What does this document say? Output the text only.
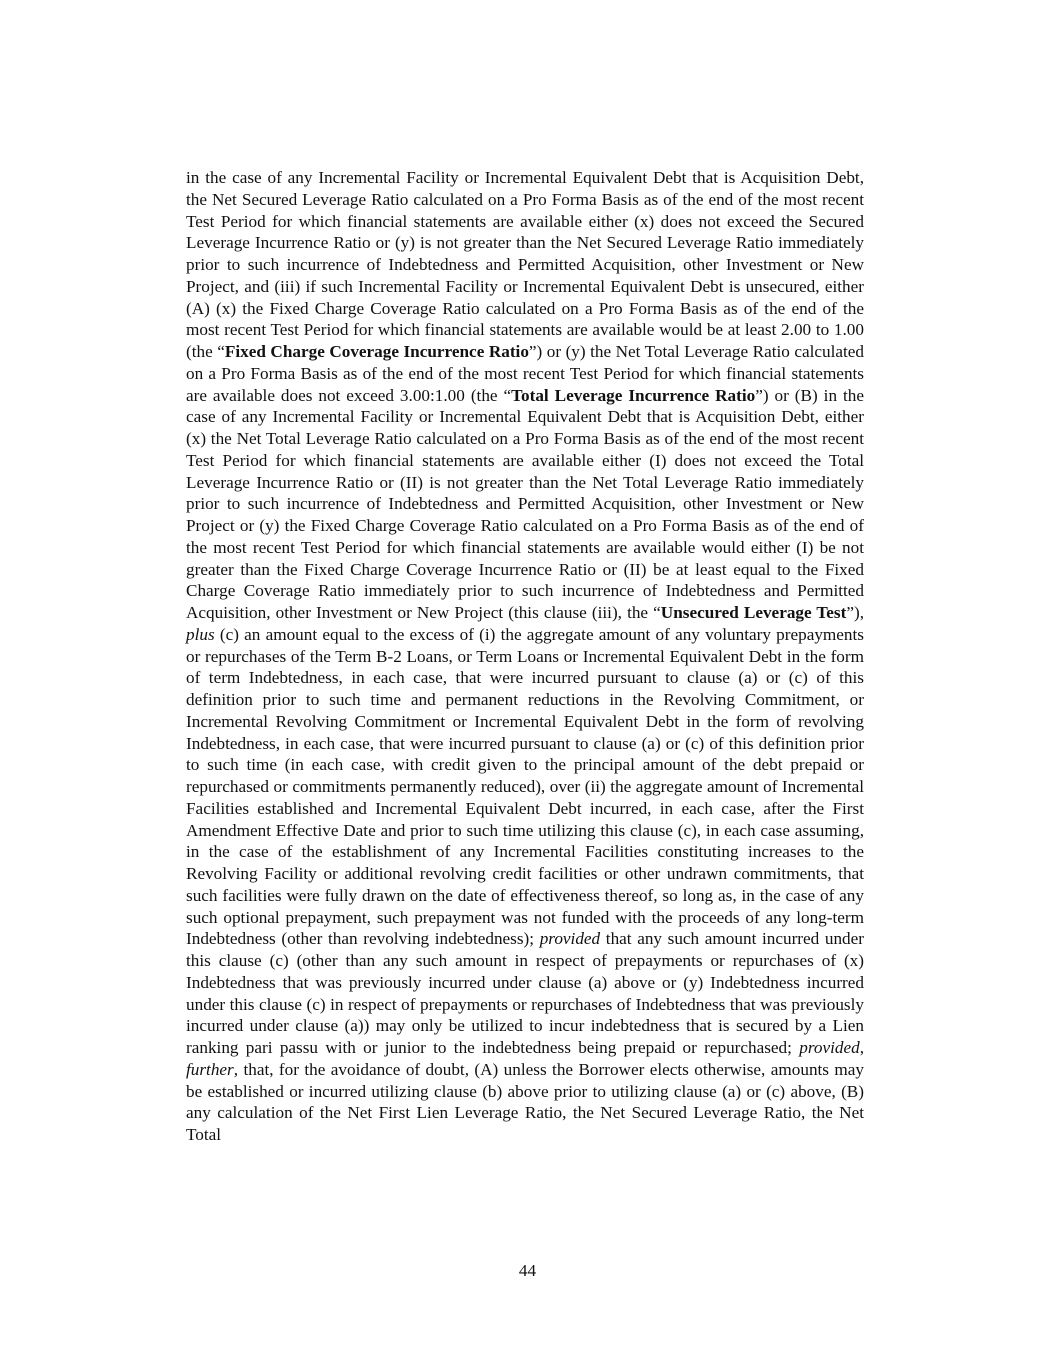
in the case of any Incremental Facility or Incremental Equivalent Debt that is Acquisition Debt, the Net Secured Leverage Ratio calculated on a Pro Forma Basis as of the end of the most recent Test Period for which financial statements are available either (x) does not exceed the Secured Leverage Incurrence Ratio or (y) is not greater than the Net Secured Leverage Ratio immediately prior to such incurrence of Indebtedness and Permitted Acquisition, other Investment or New Project, and (iii) if such Incremental Facility or Incremental Equivalent Debt is unsecured, either (A) (x) the Fixed Charge Coverage Ratio calculated on a Pro Forma Basis as of the end of the most recent Test Period for which financial statements are available would be at least 2.00 to 1.00 (the “Fixed Charge Coverage Incurrence Ratio”) or (y) the Net Total Leverage Ratio calculated on a Pro Forma Basis as of the end of the most recent Test Period for which financial statements are available does not exceed 3.00:1.00 (the “Total Leverage Incurrence Ratio”) or (B) in the case of any Incremental Facility or Incremental Equivalent Debt that is Acquisition Debt, either (x) the Net Total Leverage Ratio calculated on a Pro Forma Basis as of the end of the most recent Test Period for which financial statements are available either (I) does not exceed the Total Leverage Incurrence Ratio or (II) is not greater than the Net Total Leverage Ratio immediately prior to such incurrence of Indebtedness and Permitted Acquisition, other Investment or New Project or (y) the Fixed Charge Coverage Ratio calculated on a Pro Forma Basis as of the end of the most recent Test Period for which financial statements are available would either (I) be not greater than the Fixed Charge Coverage Incurrence Ratio or (II) be at least equal to the Fixed Charge Coverage Ratio immediately prior to such incurrence of Indebtedness and Permitted Acquisition, other Investment or New Project (this clause (iii), the “Unsecured Leverage Test”), plus (c) an amount equal to the excess of (i) the aggregate amount of any voluntary prepayments or repurchases of the Term B-2 Loans, or Term Loans or Incremental Equivalent Debt in the form of term Indebtedness, in each case, that were incurred pursuant to clause (a) or (c) of this definition prior to such time and permanent reductions in the Revolving Commitment, or Incremental Revolving Commitment or Incremental Equivalent Debt in the form of revolving Indebtedness, in each case, that were incurred pursuant to clause (a) or (c) of this definition prior to such time (in each case, with credit given to the principal amount of the debt prepaid or repurchased or commitments permanently reduced), over (ii) the aggregate amount of Incremental Facilities established and Incremental Equivalent Debt incurred, in each case, after the First Amendment Effective Date and prior to such time utilizing this clause (c), in each case assuming, in the case of the establishment of any Incremental Facilities constituting increases to the Revolving Facility or additional revolving credit facilities or other undrawn commitments, that such facilities were fully drawn on the date of effectiveness thereof, so long as, in the case of any such optional prepayment, such prepayment was not funded with the proceeds of any long-term Indebtedness (other than revolving indebtedness); provided that any such amount incurred under this clause (c) (other than any such amount in respect of prepayments or repurchases of (x) Indebtedness that was previously incurred under clause (a) above or (y) Indebtedness incurred under this clause (c) in respect of prepayments or repurchases of Indebtedness that was previously incurred under clause (a)) may only be utilized to incur indebtedness that is secured by a Lien ranking pari passu with or junior to the indebtedness being prepaid or repurchased; provided, further, that, for the avoidance of doubt, (A) unless the Borrower elects otherwise, amounts may be established or incurred utilizing clause (b) above prior to utilizing clause (a) or (c) above, (B) any calculation of the Net First Lien Leverage Ratio, the Net Secured Leverage Ratio, the Net Total
44
